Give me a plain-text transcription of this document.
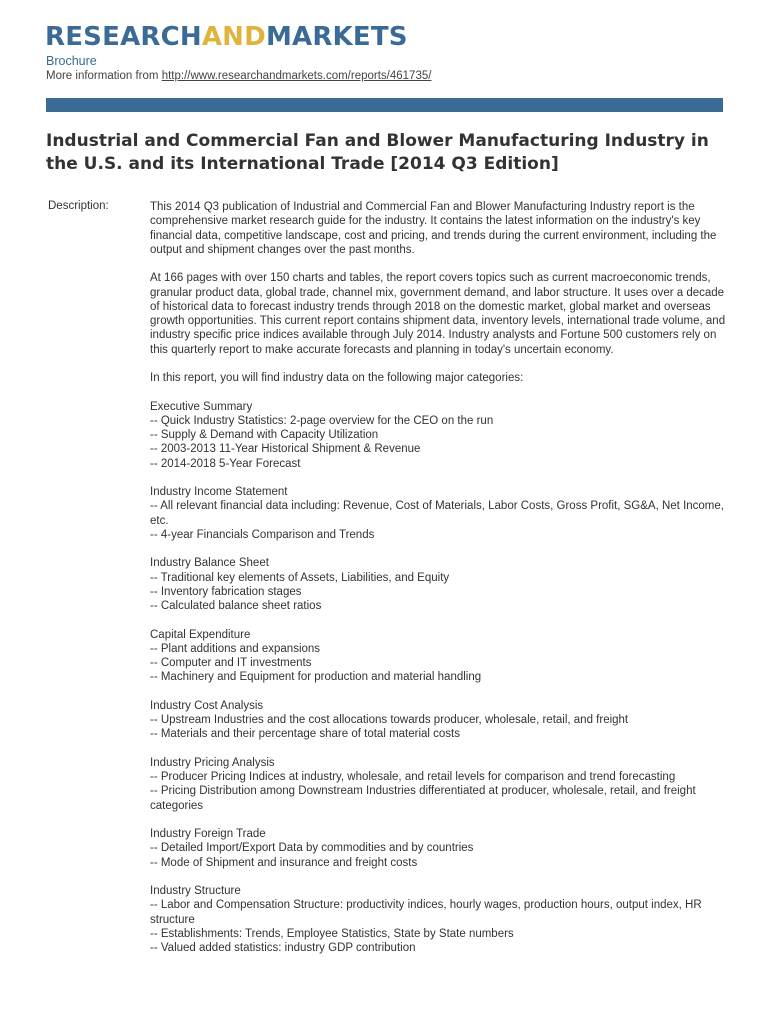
RESEARCHANDMARKETS
Brochure
More information from http://www.researchandmarkets.com/reports/461735/
Industrial and Commercial Fan and Blower Manufacturing Industry in the U.S. and its International Trade [2014 Q3 Edition]
Description:	This 2014 Q3 publication of Industrial and Commercial Fan and Blower Manufacturing Industry report is the comprehensive market research guide for the industry. It contains the latest information on the industry's key financial data, competitive landscape, cost and pricing, and trends during the current environment, including the output and shipment changes over the past months.

At 166 pages with over 150 charts and tables, the report covers topics such as current macroeconomic trends, granular product data, global trade, channel mix, government demand, and labor structure. It uses over a decade of historical data to forecast industry trends through 2018 on the domestic market, global market and overseas growth opportunities. This current report contains shipment data, inventory levels, international trade volume, and industry specific price indices available through July 2014. Industry analysts and Fortune 500 customers rely on this quarterly report to make accurate forecasts and planning in today's uncertain economy.

In this report, you will find industry data on the following major categories:

Executive Summary
-- Quick Industry Statistics: 2-page overview for the CEO on the run
-- Supply & Demand with Capacity Utilization
-- 2003-2013 11-Year Historical Shipment & Revenue
-- 2014-2018 5-Year Forecast
Industry Income Statement
-- All relevant financial data including: Revenue, Cost of Materials, Labor Costs, Gross Profit, SG&A, Net Income, etc.
-- 4-year Financials Comparison and Trends
Industry Balance Sheet
-- Traditional key elements of Assets, Liabilities, and Equity
-- Inventory fabrication stages
-- Calculated balance sheet ratios
Capital Expenditure
-- Plant additions and expansions
-- Computer and IT investments
-- Machinery and Equipment for production and material handling
Industry Cost Analysis
-- Upstream Industries and the cost allocations towards producer, wholesale, retail, and freight
-- Materials and their percentage share of total material costs
Industry Pricing Analysis
-- Producer Pricing Indices at industry, wholesale, and retail levels for comparison and trend forecasting
-- Pricing Distribution among Downstream Industries differentiated at producer, wholesale, retail, and freight categories
Industry Foreign Trade
-- Detailed Import/Export Data by commodities and by countries
-- Mode of Shipment and insurance and freight costs
Industry Structure
-- Labor and Compensation Structure: productivity indices, hourly wages, production hours, output index, HR structure
-- Establishments: Trends, Employee Statistics, State by State numbers
-- Valued added statistics: industry GDP contribution
